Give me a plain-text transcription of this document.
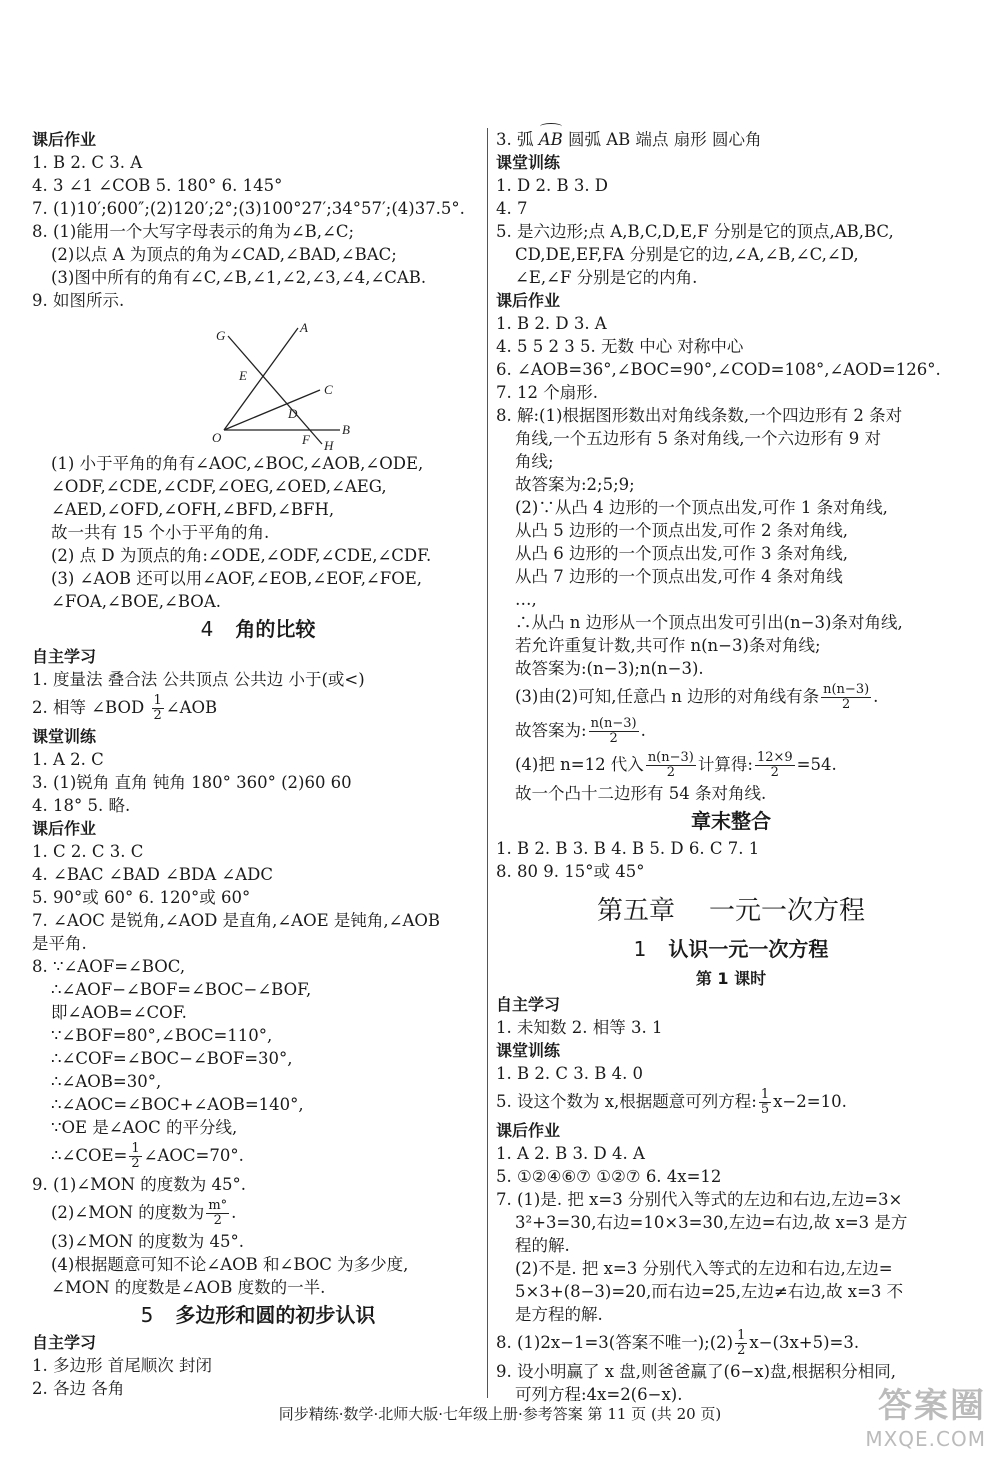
课后作业
1. B 2. C 3. A
4. 3 ∠1 ∠COB 5. 180° 6. 145°
7. (1)10′;600″;(2)120′;2°;(3)100°27′;34°57′;(4)37.5°.
8. (1)能用一个大写字母表示的角为∠B,∠C;
(2)以点 A 为顶点的角为∠CAD,∠BAD,∠BAC;
(3)图中所有的角有∠C,∠B,∠1,∠2,∠3,∠4,∠CAB.
9. 如图所示.
G
A
E
C
D
O	F
B
H
(1) 小于平角的角有∠AOC,∠BOC,∠AOB,∠ODE,
∠ODF,∠CDE,∠CDF,∠OEG,∠OED,∠AEG,
∠AED,∠OFD,∠OFH,∠BFD,∠BFH,
故一共有 15 个小于平角的角.
(2) 点 D 为顶点的角:∠ODE,∠ODF,∠CDE,∠CDF.
(3) ∠AOB 还可以用∠AOF,∠EOB,∠EOF,∠FOE,
∠FOA,∠BOE,∠BOA.
4 角的比较
自主学习
1. 度量法 叠合法 公共顶点 公共边 小于(或<)
2. 相等 ∠BOD $\frac{1}{2}$ ∠AOB
课堂训练
1. A 2. C
3. (1)锐角 直角 钝角 180° 360° (2)60 60
4. 18° 5. 略.
课后作业
1. C 2. C 3. C
4. ∠BAC ∠BAD ∠BDA ∠ADC
5. 90°或 60° 6. 120°或 60°
7. ∠AOC 是锐角,∠AOD 是直角,∠AOE 是钝角,∠AOB
是平角.
8. ∵∠AOF=∠BOC,
∴∠AOF−∠BOF=∠BOC−∠BOF,
即∠AOB=∠COF.
∵∠BOF=80°,∠BOC=110°,
∴∠COF=∠BOC−∠BOF=30°,
∴∠AOB=30°,
∴∠AOC=∠BOC+∠AOB=140°,
∵OE 是∠AOC 的平分线,
∴∠COE= $\frac{1}{2}$ ∠AOC=70°.
9. (1)∠MON 的度数为 45°.
(2)∠MON 的度数为 $\frac{m^\circ}{2}$ .
(3)∠MON 的度数为 45°.
(4)根据题意可知不论∠AOB 和∠BOC 为多少度,
∠MON 的度数是∠AOB 度数的一半.
5 多边形和圆的初步认识
自主学习
1. 多边形 首尾顺次 封闭
2. 各边 各角
3. 弧 AB 圆弧 AB 端点 扇形 圆心角
课堂训练
1. D 2. B 3. D
4. 7
5. 是六边形;点 A,B,C,D,E,F 分别是它的顶点,AB,BC,
CD,DE,EF,FA 分别是它的边,∠A,∠B,∠C,∠D,
∠E,∠F 分别是它的内角.
课后作业
1. B 2. D 3. A
4. 5 5 2 3 5. 无数 中心 对称中心
6. ∠AOB=36°,∠BOC=90°,∠COD=108°,∠AOD=126°.
7. 12 个扇形.
8. 解:(1)根据图形数出对角线条数,一个四边形有 2 条对
角线,一个五边形有 5 条对角线,一个六边形有 9 对
角线;
故答案为:2;5;9;
(2)∵从凸 4 边形的一个顶点出发,可作 1 条对角线,
从凸 5 边形的一个顶点出发,可作 2 条对角线,
从凸 6 边形的一个顶点出发,可作 3 条对角线,
从凸 7 边形的一个顶点出发,可作 4 条对角线
…,
∴从凸 n 边形从一个顶点出发可引出(n−3)条对角线,
若允许重复计数,共可作 n(n−3)条对角线;
故答案为:(n−3);n(n−3).
(3)由(2)可知,任意凸 n 边形的对角线有条 $\frac{n(n-3)}{2}$ .
故答案为: $\frac{n(n-3)}{2}$ .
(4)把 n=12 代入 $\frac{n(n-3)}{2}$ 计算得: $\frac{12\times 9}{2} =54$.
故一个凸十二边形有 54 条对角线.
章末整合
1. B 2. B 3. B 4. B 5. D 6. C 7. 1
8. 80 9. 15°或 45°
第五章 一元一次方程
1 认识一元一次方程
第 1 课时
自主学习
1. 未知数 2. 相等 3. 1
课堂训练
1. B 2. C 3. B 4. 0
5. 设这个数为 x,根据题意可列方程: $\frac{1}{5} x-2=10$.
课后作业
1. A 2. B 3. D 4. A
5. ①②④⑥⑦ ①②⑦ 6. 4x=12
7. (1)是. 把 x=3 分别代入等式的左边和右边,左边=3×
3²+3=30,右边=10×3=30,左边=右边,故 x=3 是方
程的解.
(2)不是. 把 x=3 分别代入等式的左边和右边,左边=
5×3+(8−3)=20,而右边=25,左边≠右边,故 x=3 不
是方程的解.
8. (1)2x−1=3(答案不唯一);(2) $\frac{1}{2} x-(3x+5)=3$.
9. 设小明赢了 x 盘,则爸爸赢了(6−x)盘,根据积分相同,
可列方程:4x=2(6−x).
同步精练·数学·北师大版·七年级上册·参考答案 第 11 页 (共 20 页)	答案圈
MXQE.COM
